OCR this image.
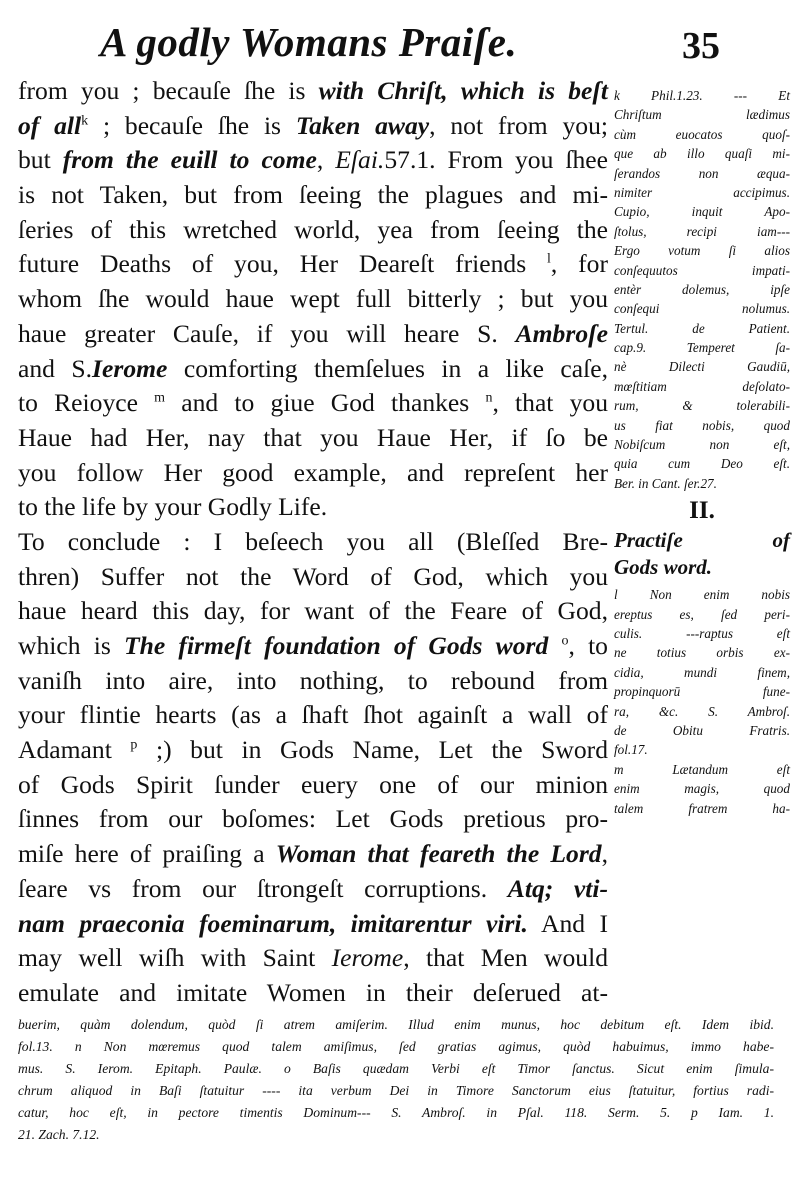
A godly Womans Praiſe.	35
from you ; becauſe ſhe is with Chriſt, which is beſt
of all$^k$ ; becauſe ſhe is Taken away, not from you;
but from the euill to come, Eſai.57.1. From you ſhee
is not Taken, but from ſeeing the plagues and mi-
ſeries of this wretched world, yea from ſeeing the
future Deaths of you, Her Deareſt friends $^l$, for
whom ſhe would haue wept full bitterly ; but you
haue greater Cauſe, if you will heare S. Ambroſe
and S.Ierome comforting themſelues in a like caſe,
to Reioyce $^m$ and to giue God thankes $^n$, that you
Haue had Her, nay that you Haue Her, if ſo be
you follow Her good example, and repreſent her
to the life by your Godly Life.
To conclude : I beſeech you all (Bleſſed Bre-
thren) Suffer not the Word of God, which you
haue heard this day, for want of the Feare of God,
which is The firmeſt foundation of Gods word $^o$, to
vaniſh into aire, into nothing, to rebound from
your flintie hearts (as a ſhaft ſhot againſt a wall of
Adamant $^p$ ;) but in Gods Name, Let the Sword
of Gods Spirit ſunder euery one of our minion
ſinnes from our boſomes: Let Gods pretious pro-
miſe here of praiſing a Woman that feareth the Lord,
ſeare vs from our ſtrongeſt corruptions. Atq; vti-
nam praeconia foeminarum, imitarentur viri. And I
may well wiſh with Saint Ierome, that Men would
emulate and imitate Women in their deſerued at-
k Phil.1.23. --- Et
Chriſtum lædimus
cùm euocatos quoſ-
que ab illo quaſi mi-
ſerandos non æqua-
nimiter accipimus.
Cupio, inquit Apo-
ſtolus, recipi iam---
Ergo votum ſi alios
conſequutos impati-
entèr dolemus, ipſe
conſequi nolumus.
Tertul. de Patient.
cap.9. Temperet ſa-
nè Dilecti Gaudiū,
mœſtitiam deſolato-
rum, & tolerabili-
us fiat nobis, quod
Nobiſcum non eſt,
quia cum Deo eſt.
Ber. in Cant. ſer.27.
II.
Practiſe of
Gods word.
l Non enim nobis
ereptus es, ſed peri-
culis. ---raptus eſt
ne totius orbis ex-
cidia, mundi finem,
propinquorū fune-
ra, &c. S. Ambroſ.
de Obitu Fratris.
fol.17.
m Lætandum eſt
enim magis, quod
talem fratrem ha-
buerim, quàm dolendum, quòd ſi atrem amiſerim. Illud enim munus, hoc debitum eſt. Idem ibid.
fol.13. n Non mœremus quod talem amiſimus, ſed gratias agimus, quòd habuimus, immo habe-
mus. S. Ierom. Epitaph. Paulæ. o Baſis quædam Verbi eſt Timor ſanctus. Sicut enim ſimula-
chrum aliquod in Baſi ſtatuitur ---- ita verbum Dei in Timore Sanctorum eius ſtatuitur, fortius radi-
catur, hoc eſt, in pectore timentis Dominum--- S. Ambroſ. in Pſal. 118. Serm. 5. p Iam. 1.
21. Zach. 7.12.
